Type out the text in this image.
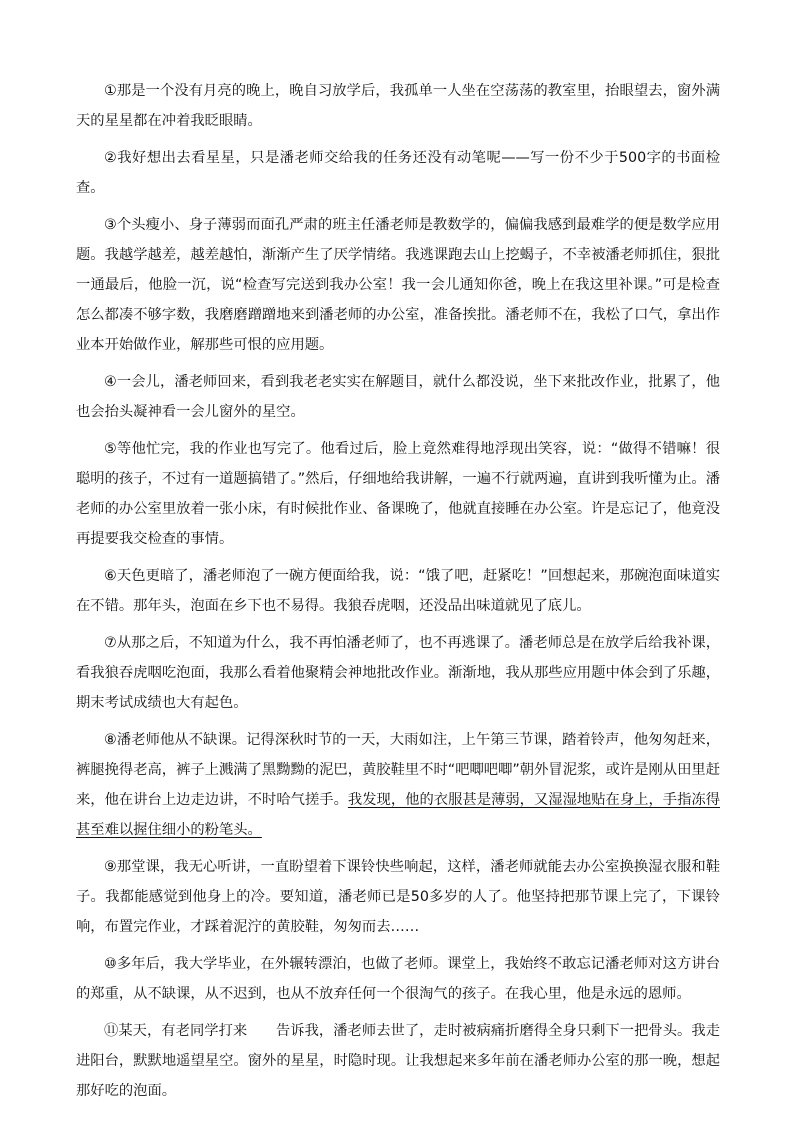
①那是一个没有月亮的晚上，晚自习放学后，我孤单一人坐在空荡荡的教室里，抬眼望去，窗外满天的星星都在冲着我眨眼睛。

②我好想出去看星星，只是潘老师交给我的任务还没有动笔呢——写一份不少于500字的书面检查。

③个头瘦小、身子薄弱而面孔严肃的班主任潘老师是教数学的，偏偏我感到最难学的便是数学应用题。我越学越差，越差越怕，渐渐产生了厌学情绪。我逃课跑去山上挖蝎子，不幸被潘老师抓住，狠批一通最后，他脸一沉，说“检查写完送到我办公室！我一会儿通知你爸，晚上在我这里补课。”可是检查怎么都凑不够字数，我磨磨蹭蹭地来到潘老师的办公室，准备挨批。潘老师不在，我松了口气，拿出作业本开始做作业，解那些可恨的应用题。

④一会儿，潘老师回来，看到我老老实实在解题目，就什么都没说，坐下来批改作业，批累了，他也会抬头凝神看一会儿窗外的星空。

⑤等他忙完，我的作业也写完了。他看过后，脸上竟然难得地浮现出笑容，说：“做得不错嘛！很聪明的孩子，不过有一道题搞错了。”然后，仔细地给我讲解，一遍不行就两遍，直讲到我听懂为止。潘老师的办公室里放着一张小床，有时候批作业、备课晚了，他就直接睡在办公室。许是忘记了，他竟没再提要我交检查的事情。

⑥天色更暗了，潘老师泡了一碗方便面给我，说：“饿了吧，赶紧吃！”回想起来，那碗泡面味道实在不错。那年头，泡面在乡下也不易得。我狼吞虎咽，还没品出味道就见了底儿。

⑦从那之后，不知道为什么，我不再怕潘老师了，也不再逃课了。潘老师总是在放学后给我补课，看我狼吞虎咽吃泡面，我那么看着他聚精会神地批改作业。渐渐地，我从那些应用题中体会到了乐趣，期末考试成绩也大有起色。

⑧潘老师他从不缺课。记得深秋时节的一天，大雨如注，上午第三节课，踏着铃声，他匆匆赶来，裤腿挽得老高，裤子上溅满了黑黝黝的泥巴，黄胶鞋里不时“吧唧吧唧”朝外冒泥浆，或许是刚从田里赶来，他在讲台上边走边讲，不时哈气搓手。我发现，他的衣服甚是薄弱，又湿湿地贴在身上，手指冻得甚至难以握住细小的粉笔头。

⑨那堂课，我无心听讲，一直盼望着下课铃快些响起，这样，潘老师就能去办公室换换湿衣服和鞋子。我都能感觉到他身上的冷。要知道，潘老师已是50多岁的人了。他坚持把那节课上完了，下课铃响，布置完作业，才踩着泥泞的黄胶鞋，匆匆而去……

⑩多年后，我大学毕业，在外辗转漂泊，也做了老师。课堂上，我始终不敢忘记潘老师对这方讲台的郑重，从不缺课，从不迟到，也从不放弃任何一个很淘气的孩子。在我心里，他是永远的恩师。

⑪某天，有老同学打来　　告诉我，潘老师去世了，走时被病痛折磨得全身只剩下一把骨头。我走进阳台，默默地遥望星空。窗外的星星，时隐时现。让我想起来多年前在潘老师办公室的那一晚，想起那好吃的泡面。
